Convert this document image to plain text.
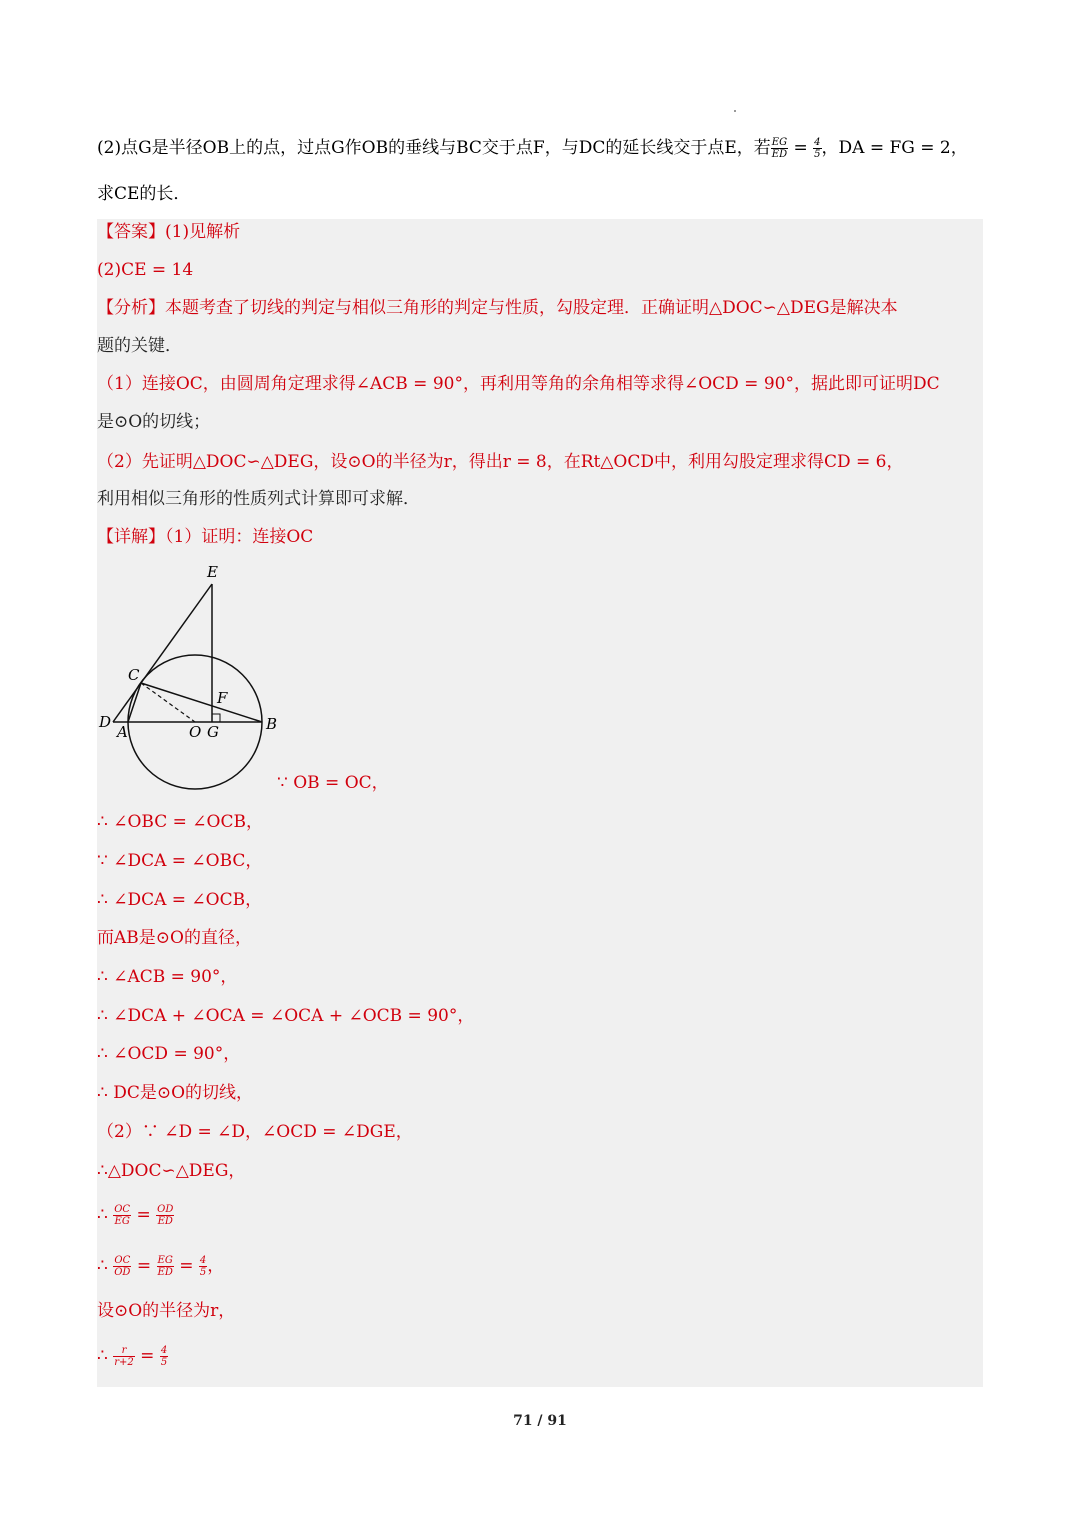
(2)点G是半径OB上的点，过点G作OB的垂线与BC交于点F，与DC的延长线交于点E，若 $\frac{EG}{ED} = \frac{4}{5}$ ，DA = FG = 2，
求CE的长．
【答案】(1)见解析
(2)CE = 14
【分析】本题考查了切线的判定与相似三角形的判定与性质，勾股定理．正确证明△DOC∽△DEG是解决本
题的关键．
（1）连接OC，由圆周角定理求得∠ACB = 90°，再利用等角的余角相等求得∠OCD = 90°，据此即可证明DC
是⊙O的切线；
（2）先证明△DOC∽△DEG，设⊙O的半径为r，得出r = 8，在Rt△OCD中，利用勾股定理求得CD = 6，
利用相似三角形的性质列式计算即可求解．
【详解】（1）证明：连接OC
E
C
F
D
A	O G	B
∵ OB = OC，
∴ ∠OBC = ∠OCB，
∵ ∠DCA = ∠OBC，
∴ ∠DCA = ∠OCB，
而AB是⊙O的直径，
∴ ∠ACB = 90°，
∴ ∠DCA + ∠OCA = ∠OCA + ∠OCB = 90°，
∴ ∠OCD = 90°，
∴ DC是⊙O的切线，
（2）∵ ∠D = ∠D，∠OCD = ∠DGE，
∴△DOC∽△DEG，
∴ $\frac{OC}{EG} = \frac{OD}{ED}$
∴ $\frac{OC}{OD} = \frac{EG}{ED} = \frac{4}{5}$ ，
设⊙O的半径为r，
∴ $\frac{r}{r+2} = \frac{4}{5}$
71 / 91
